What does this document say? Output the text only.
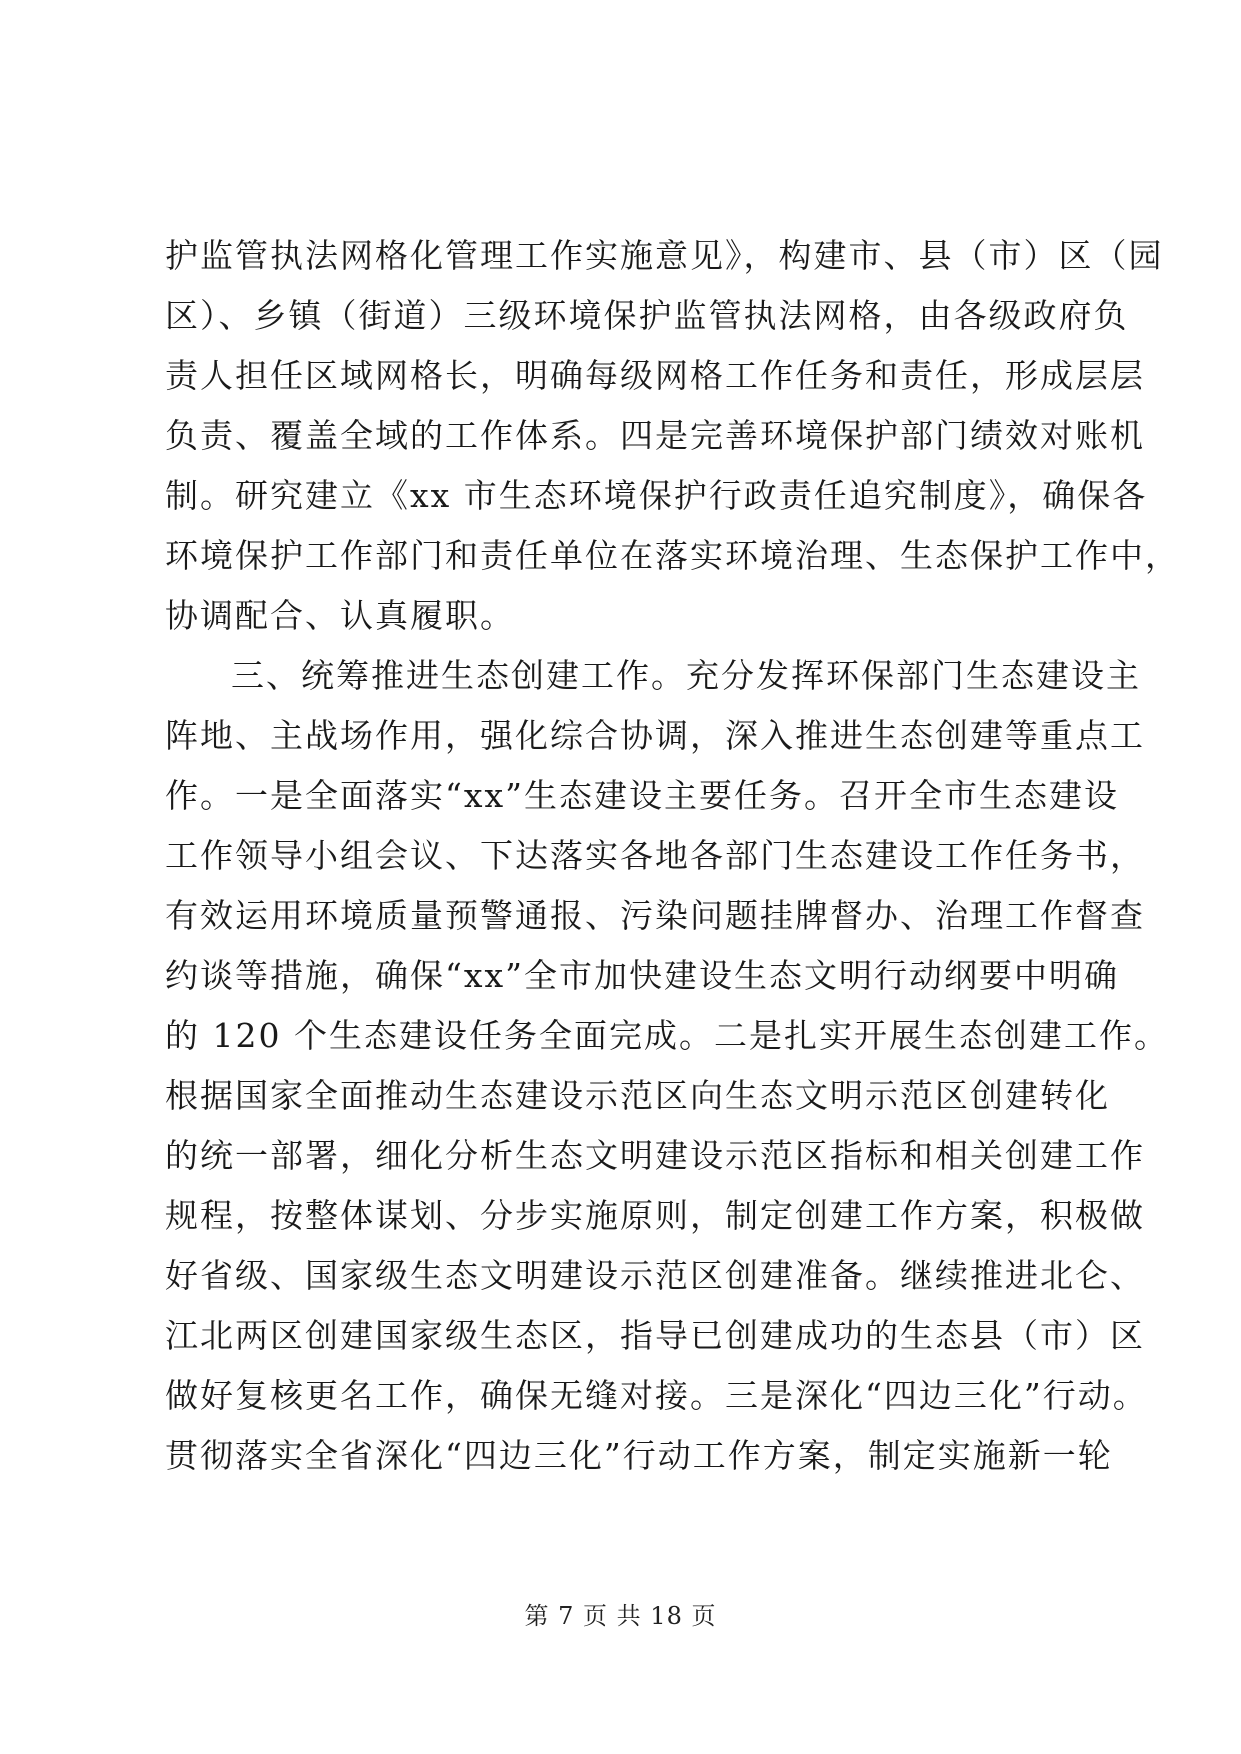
护监管执法网格化管理工作实施意见》，构建市、县（市）区（园
区）、乡镇（街道）三级环境保护监管执法网格，由各级政府负
责人担任区域网格长，明确每级网格工作任务和责任，形成层层
负责、覆盖全域的工作体系。四是完善环境保护部门绩效对账机
制。研究建立《xx 市生态环境保护行政责任追究制度》，确保各
环境保护工作部门和责任单位在落实环境治理、生态保护工作中，
协调配合、认真履职。
三、统筹推进生态创建工作。充分发挥环保部门生态建设主
阵地、主战场作用，强化综合协调，深入推进生态创建等重点工
作。一是全面落实“xx”生态建设主要任务。召开全市生态建设
工作领导小组会议、下达落实各地各部门生态建设工作任务书，
有效运用环境质量预警通报、污染问题挂牌督办、治理工作督查
约谈等措施，确保“xx”全市加快建设生态文明行动纲要中明确
的 120 个生态建设任务全面完成。二是扎实开展生态创建工作。
根据国家全面推动生态建设示范区向生态文明示范区创建转化
的统一部署，细化分析生态文明建设示范区指标和相关创建工作
规程，按整体谋划、分步实施原则，制定创建工作方案，积极做
好省级、国家级生态文明建设示范区创建准备。继续推进北仑、
江北两区创建国家级生态区，指导已创建成功的生态县（市）区
做好复核更名工作，确保无缝对接。三是深化“四边三化”行动。
贯彻落实全省深化“四边三化”行动工作方案，制定实施新一轮
第 7 页 共 18 页
